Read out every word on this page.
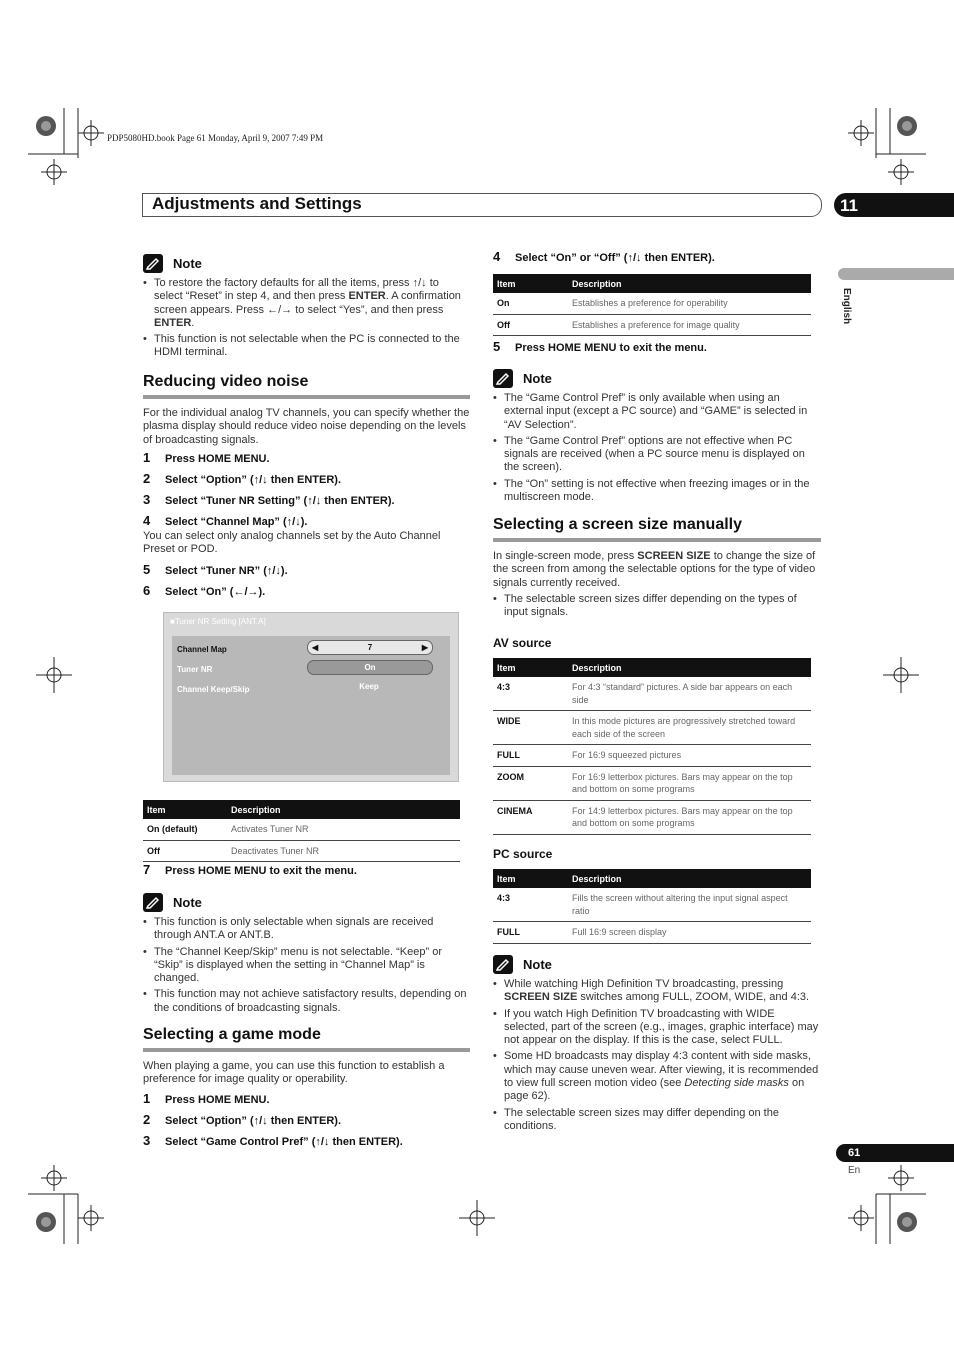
PDP5080HD.book Page 61 Monday, April 9, 2007 7:49 PM
Adjustments and Settings	11
English
Note
• To restore the factory defaults for all the items, press ↑/↓ to select “Reset” in step 4, and then press ENTER. A confirmation screen appears. Press ←/→ to select “Yes”, and then press ENTER.
• This function is not selectable when the PC is connected to the HDMI terminal.
Reducing video noise
For the individual analog TV channels, you can specify whether the plasma display should reduce video noise depending on the levels of broadcasting signals.
1	Press HOME MENU.
2	Select “Option” (↑/↓ then ENTER).
3	Select “Tuner NR Setting” (↑/↓ then ENTER).
4	Select “Channel Map” (↑/↓).
You can select only analog channels set by the Auto Channel Preset or POD.
5	Select “Tuner NR” (↑/↓).
6	Select “On” (←/→).
■Tuner NR Setting [ANT.A]
Channel Map	◀	7	▶
Tuner NR	On
Channel Keep/Skip	Keep
Item	Description
On (default)	Activates Tuner NR
Off	Deactivates Tuner NR
7	Press HOME MENU to exit the menu.
Note
• This function is only selectable when signals are received through ANT.A or ANT.B.
• The “Channel Keep/Skip” menu is not selectable. “Keep” or “Skip” is displayed when the setting in “Channel Map” is changed.
• This function may not achieve satisfactory results, depending on the conditions of broadcasting signals.
Selecting a game mode
When playing a game, you can use this function to establish a preference for image quality or operability.
1	Press HOME MENU.
2	Select “Option” (↑/↓ then ENTER).
3	Select “Game Control Pref” (↑/↓ then ENTER).
4	Select “On” or “Off” (↑/↓ then ENTER).
Item	Description
On	Establishes a preference for operability
Off	Establishes a preference for image quality
5	Press HOME MENU to exit the menu.
Note
• The “Game Control Pref” is only available when using an external input (except a PC source) and “GAME” is selected in “AV Selection”.
• The “Game Control Pref” options are not effective when PC signals are received (when a PC source menu is displayed on the screen).
• The “On” setting is not effective when freezing images or in the multiscreen mode.
Selecting a screen size manually
In single-screen mode, press SCREEN SIZE to change the size of the screen from among the selectable options for the type of video signals currently received.
• The selectable screen sizes differ depending on the types of input signals.
AV source
Item	Description
4:3	For 4:3 “standard” pictures. A side bar appears on each side
WIDE	In this mode pictures are progressively stretched toward each side of the screen
FULL	For 16:9 squeezed pictures
ZOOM	For 16:9 letterbox pictures. Bars may appear on the top and bottom on some programs
CINEMA	For 14:9 letterbox pictures. Bars may appear on the top and bottom on some programs
PC source
Item	Description
4:3	Fills the screen without altering the input signal aspect ratio
FULL	Full 16:9 screen display
Note
• While watching High Definition TV broadcasting, pressing SCREEN SIZE switches among FULL, ZOOM, WIDE, and 4:3.
• If you watch High Definition TV broadcasting with WIDE selected, part of the screen (e.g., images, graphic interface) may not appear on the display. If this is the case, select FULL.
• Some HD broadcasts may display 4:3 content with side masks, which may cause uneven wear. After viewing, it is recommended to view full screen motion video (see Detecting side masks on page 62).
• The selectable screen sizes may differ depending on the conditions.
61
En
